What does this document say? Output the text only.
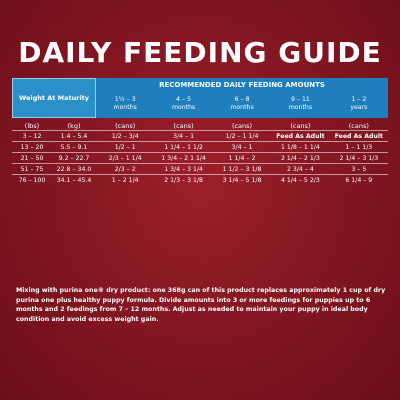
DAILY FEEDING GUIDE
Weight At Maturity
RECOMMENDED DAILY FEEDING AMOUNTS
1½ – 3
months
4 – 5
months
6 – 8
months
9 – 11
months
1 – 2
years
(lbs)	(kg)	(cans)	(cans)	(cans)	(cans)	(cans)
3 – 12	1.4 – 5.4	1/2 – 3/4	3/4 – 1	1/2 – 1 1/4	Feed As Adult	Feed As Adult
13 – 20	5.5 – 9.1	1/2 – 1	1 1/4 – 1 1/2	3/4 – 1	1 1/8 – 1 1/4	1 – 1 1/3
21 – 50	9.2 – 22.7	2/3 – 1 1/4	1 3/4 – 2 1 1/4	1 1/4 – 2	2 1/4 – 2 1/3	2 1/4 – 3 1/3
51 – 75	22.8 – 34.0	2/3 – 2	1 3/4 – 3 1/4	1 1/2 – 3 1/8	2 3/4 – 4	3 – 5
76 – 100	34.1 – 45.4	1 – 2 1/4	2 1/3 – 3 1/8	3 1/4 – 5 1/8	4 1/4 – 5 2/3	6 1/4 – 9
Mixing with purina one® dry product: one 368g can of this product replaces approximately 1 cup of dry purina one plus healthy puppy formula. Divide amounts into 3 or more feedings for puppies up to 6 months and 2 feedings from 7 – 12 months. Adjust as needed to maintain your puppy in ideal body condition and avoid excess weight gain.
